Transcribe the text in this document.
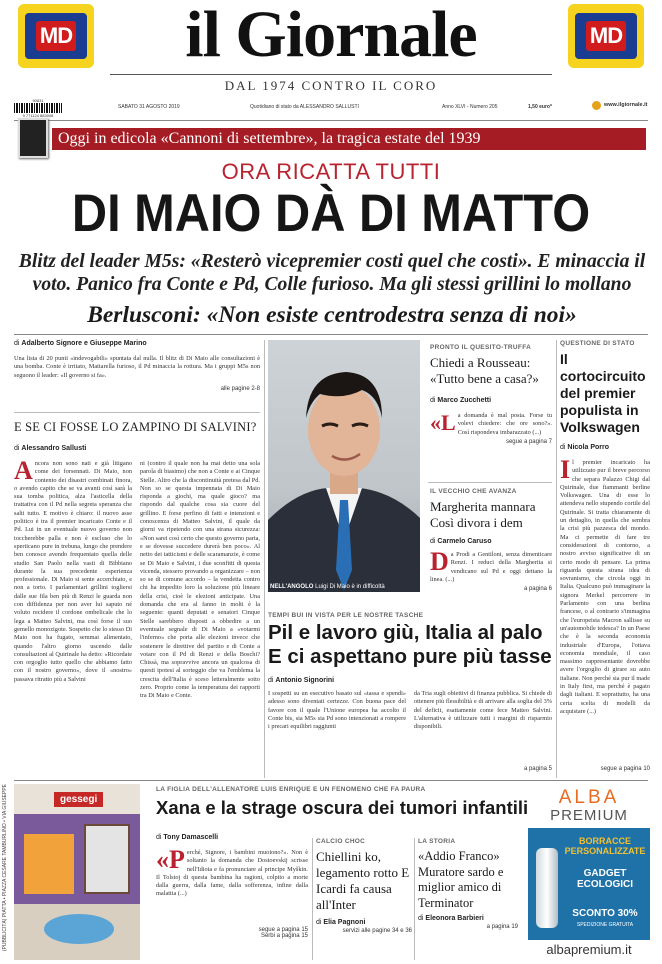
MD	MD
il Giornale
DAL 1974 CONTRO IL CORO
90831
9 771124 883008
SABATO 31 AGOSTO 2019	Quotidiano di stato da ALESSANDRO SALLUSTI	Anno XLVI - Numero 205	1,50 euro*	www.ilgiornale.it
Oggi in edicola «Cannoni di settembre», la tragica estate del 1939
ORA RICATTA TUTTI
DI MAIO DÀ DI MATTO
Blitz del leader M5s: «Resterò vicepremier costi quel che costi». E minaccia il voto. Panico fra Conte e Pd, Colle furioso. Ma gli stessi grillini lo mollano
Berlusconi: «Non esiste centrodestra senza di noi»
di Adalberto Signore e Giuseppe Marino
Una lista di 20 punti «indevogabili» spuntata dal nulla. Il blitz di Di Maio alle consultazioni è una bomba. Conte è irritato, Mattarella furioso, il Pd minaccia la rottura. Ma i gruppi M5s non seguono il leader: «Il governo si fa».
alle pagine 2-8
E SE CI FOSSE LO ZAMPINO DI SALVINI?
di Alessandro Sallusti
Ancora non sono nati e già litigano come dei forsennati. Di Maio, non contento dei disastri combinati finora, o avendo capito che se va avanti così sarà la sua tomba politica, alza l'asticella della trattativa con il Pd nella segreta speranza che salti tutto. E motivo è chiaro: il nuovo asse politico è tra il premier incaricato Conte e il Pd. Lui in un eventuale nuovo governo non toccherebbe palla e non è escluso che lo sperticano pure in trebuna, lungo che prendere ben conosce avendo frequentato quella delle studio San Paolo nella vasti di Bibbiano durante la sua precedente esperienza professionale. Di Maio si sente accerchiato, e non a torto. I parlamentari grillini togliersi dalle sue fila ben più di Renzi le guarda non con diffidenza per non aver lui saputo né voluto recidere il cordone ombelicale che lo lega a Matteo Salvini, ma così forse il suo gemello monozigote. Sospetto che lo stesso Di Maio non ha fugato, semmai alimentato, quando l'altro giorno uscendo dalle consultazioni al Quirinale ha detto: «Ricordate con orgoglio tutto quello che abbiamo fatto con il nostro governo», dove il «nostro» passava ritratto più a Salvini
ni (contro il quale non ha mai detto una sola parola di biasimo) che non a Conte e ai Cinque Stelle. Altro che la discontinuità pretesa dal Pd. Non so se questa impennata di Di Maio risponda a giochi, ma quale gioco? ma rispondo dal qualche cosa sia cuore del grillino. E forse perfino di fatti e intenzioni e conoscenza di Matteo Salvini, il quale da giorni va ripetendo con una strana sicurezza: «Non sarei così certo che questo governo parta, e se dovesse succedere durerà ben poco». Al netto dei tatticismi e delle scaramanzie, è come se Di Maio e Salvini, i due sconfitti di questa vicenda, stessero provando a organizzare – non so se di comune accordo – la vendetta contro chi ha impedito loro la soluzione più lineare della crisi, cioè le elezioni anticipate. Una domanda che era al fanno in molti è la seguente: quanti deputati e senatori Cinque Stelle sarebbero disposti a obbedire a un eventuale segnale di Di Maio a «votarmi l'inferno» che porta alle elezioni invece che sostenere le direttive del partito e di Conte a votare con il Pd di Renzi e della Boschi? Chissà, ma sopravvive ancora un qualcosa di questi ipotesi al sorteggio che va l'emblema la crescita dell'Italia è sceso letteralmente sotto zero. Proprio come la temperatura dei rapporti tra Di Maio e Conte.
NELL'ANGOLO Luigi Di Maio è in difficoltà
PRONTO IL QUESITO-TRUFFA
Chiedi a Rousseau: «Tutto bene a casa?»
di Marco Zucchetti
«La domanda è mal posta. Forse tu volevi chiedere: che ore sono?». Così rispondeva imbarazzato (...)
segue a pagina 7
IL VECCHIO CHE AVANZA
Margherita mannara Così divora i dem
di Carmelo Caruso
Da Prodi a Gentiloni, senza dimenticare Renzi. I reduci della Margherita si vendicano sul Pd e oggi dettano la linea. (...)
a pagina 6
TEMPI BUI IN VISTA PER LE NOSTRE TASCHE
Pil e lavoro giù, Italia al palo
E ci aspettano pure più tasse
di Antonio Signorini
I sospetti su un esecutivo basato sul «tassa e spendi» adesso sono diventati certezze. Con buona pace del favore con il quale l'Unione europea ha accolto il Conte bis, sia M5s sia Pd sono intenzionati a rompere i precari equilibri raggiunti
da Tria sugli obiettivi di finanza pubblica. Si chiede di ottenere più flessibilità e di arrivare alla soglia del 3% del deficit, esattamente come fece Matteo Salvini. L'alternativa è utilizzare tutti i margini di risparmio disponibili.
a pagina 5
QUESTIONE DI STATO
Il cortocircuito del premier populista in Volkswagen
di Nicola Porro
Il premier incaricato ha utilizzato pur il breve percorso che separa Palazzo Chigi dal Quirinale, due fiammanti berline Volkswagen. Una di esse lo attendeva nello stupendo cortile del Quirinale. Si tratta chiaramente di un dettaglio, in quella che sembra la crisi più pazzesca del mondo. Ma ci permette di fare tre considerazioni di contorno, a nostro avviso significative di un certo modo di pensare. La prima riguarda questa strana idea di sovranismo, che circola oggi in Italia. Qualcuno può immaginare la signora Merkel percorrere in Parlamento con una berlina francese, o al contrario s'immagina che l'europeista Macron sallisse su un'automobile tedesca? In un Paese che è la seconda economia industriale d'Europa, l'ottava economia mondiale, il caso massimo rappresentante dovrebbe avere l'orgoglio di girare su auto italiane. Non perché sia pur il made in Italy first, ma perché è pagato dagli italiani. E soprattutto, ha una certa scelta di modelli da acquistare (...)
segue a pagina 10
(PUBBLICITÀ) PIATTA • PIAZZA CESARE TAMBURLINO • VIA GIUSEPPE	gessegi
LA FIGLIA DELL'ALLENATORE LUIS ENRIQUE E UN FENOMENO CHE FA PAURA
Xana e la strage oscura dei tumori infantili
di Tony Damascelli
«Perché, Signore, i bambini muoiono?». Non è soltanto la domanda che Dostoevskij scrisse nell'Idiota e fa pronunciare al principe Myškin. Il Tolstoj di questa bambina ha ragioni, colpito a morte dalla guerra, dalla fame, dalla sofferenza, infine dalla malattia (...)
segue a pagina 15
Serbi a pagina 15
CALCIO CHOC
Chiellini ko, legamento rotto E Icardi fa causa all'Inter
di Elia Pagnoni
servizi alle pagine 34 e 36
LA STORIA
«Addio Franco» Muratore sardo e miglior amico di Terminator
di Eleonora Barbieri
a pagina 19
ALBA
PREMIUM
BORRACCE PERSONALIZZATE
GADGET ECOLOGICI
SCONTO 30%
SPEDIZIONE GRATUITA
albapremium.it
